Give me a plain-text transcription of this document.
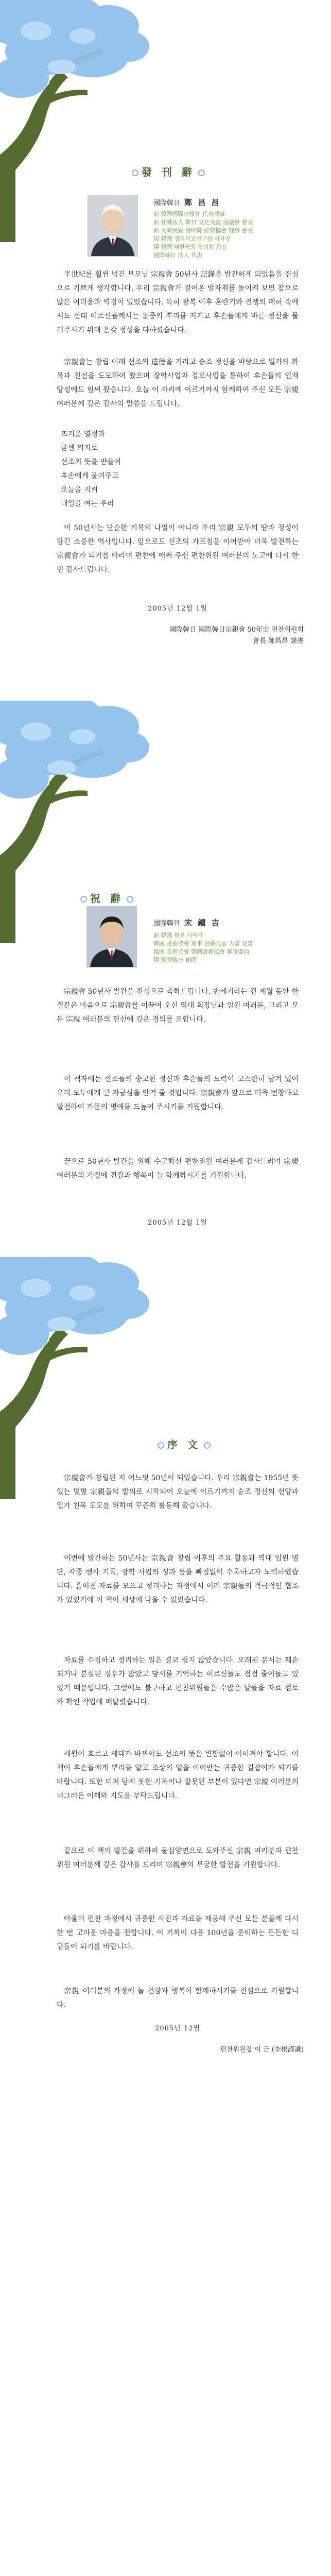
發 刊 辭
國際韓日 鄭 昌 昌
前 韓國國際日報社 代表理事
前 社團法人 韓日 文化交流 協議會 會長
前 大韓民國 發明院 經營協會 理事 會長
現 韓國 정치외교연구원 이사장
現 韓國 대한국회 협의회 회장
國際韓日 法人 代表

半世紀를 훨씬 넘긴 부모님 宗親會 50년사 記錄을 발간하게 되었음을 진심으로 기쁘게 생각합니다. 우리 宗親會가 걸어온 발자취를 돌이켜 보면 참으로 많은 어려움과 역경이 있었습니다. 특히 광복 이후 혼란기와 전쟁의 폐허 속에서도 선대 어르신들께서는 문중의 뿌리를 지키고 후손들에게 바른 정신을 물려주시기 위해 온갖 정성을 다하셨습니다.

宗親會는 창립 이래 선조의 遺德을 기리고 숭조 정신을 바탕으로 일가의 화목과 친선을 도모하여 왔으며 장학사업과 경로사업을 통하여 후손들의 인재 양성에도 힘써 왔습니다. 오늘 이 자리에 이르기까지 함께하여 주신 모든 宗親 여러분께 깊은 감사의 말씀을 드립니다.

뜨거운 열정과
굳센 의지로
선조의 뜻을 받들어
후손에게 물려주고
오늘을 지켜
내일을 여는 우리

이 50년사는 단순한 기록의 나열이 아니라 우리 宗親 모두의 땀과 정성이 담긴 소중한 역사입니다. 앞으로도 선조의 가르침을 이어받아 더욱 발전하는 宗親會가 되기를 바라며 편찬에 애써 주신 편찬위원 여러분의 노고에 다시 한 번 감사드립니다.

2005년 12월 1일
國際韓日 國際韓日宗親會 50年史 편찬위원회
會長 鄭昌昌 謹書
祝 辭
國際韓日 宋 鍾 吉
前 韓國 원로 서예가
韓國 書藝協會 理事 書藝大展 大賞 受賞
韓國 美術協會 韓國書藝協會 審査委員
現 國際韓日 顧問

宗親會 50년사 발간을 진심으로 축하드립니다. 반세기라는 긴 세월 동안 한결같은 마음으로 宗親會를 이끌어 오신 역대 회장님과 임원 여러분, 그리고 모든 宗親 여러분의 헌신에 깊은 경의를 표합니다.

이 책자에는 선조들의 숭고한 정신과 후손들의 노력이 고스란히 담겨 있어 우리 모두에게 큰 자긍심을 안겨 줄 것입니다. 宗親會가 앞으로 더욱 번창하고 발전하여 가문의 명예를 드높여 주시기를 기원합니다.

끝으로 50년사 발간을 위해 수고하신 편찬위원 여러분께 감사드리며 宗親 여러분의 가정에 건강과 행복이 늘 함께하시기를 기원합니다.

2005년 12월 1일
序 文

宗親會가 창립된 지 어느덧 50년이 되었습니다. 우리 宗親會는 1955년 뜻있는 몇몇 宗親들의 발의로 시작되어 오늘에 이르기까지 숭조 정신의 선양과 일가 친목 도모를 위하여 꾸준히 활동해 왔습니다.

이번에 발간하는 50년사는 宗親會 창립 이후의 주요 활동과 역대 임원 명단, 각종 행사 기록, 장학 사업의 성과 등을 빠짐없이 수록하고자 노력하였습니다. 흩어진 자료를 모으고 정리하는 과정에서 여러 宗親들의 적극적인 협조가 있었기에 이 책이 세상에 나올 수 있었습니다.

자료를 수집하고 정리하는 일은 결코 쉽지 않았습니다. 오래된 문서는 훼손되거나 분실된 경우가 많았고 당시를 기억하는 어르신들도 점점 줄어들고 있었기 때문입니다. 그럼에도 불구하고 편찬위원들은 수많은 날들을 자료 검토와 확인 작업에 매달렸습니다.

세월이 흐르고 세대가 바뀌어도 선조의 뜻은 변함없이 이어져야 합니다. 이 책이 후손들에게 뿌리를 알고 조상의 얼을 이어받는 귀중한 길잡이가 되기를 바랍니다. 또한 미처 담지 못한 기록이나 잘못된 부분이 있다면 宗親 여러분의 너그러운 이해와 지도를 부탁드립니다.

끝으로 이 책의 발간을 위하여 물심양면으로 도와주신 宗親 여러분과 편찬위원 여러분께 깊은 감사를 드리며 宗親會의 무궁한 발전을 기원합니다.

아울러 편찬 과정에서 귀중한 사진과 자료를 제공해 주신 모든 분들께 다시 한 번 고마운 마음을 전합니다. 이 기록이 다음 100년을 준비하는 든든한 디딤돌이 되기를 바랍니다.

宗親 여러분의 가정에 늘 건강과 행복이 함께하시기를 진심으로 기원합니다.

2005년 12월
편찬위원장 이 근 (李根謹識)
